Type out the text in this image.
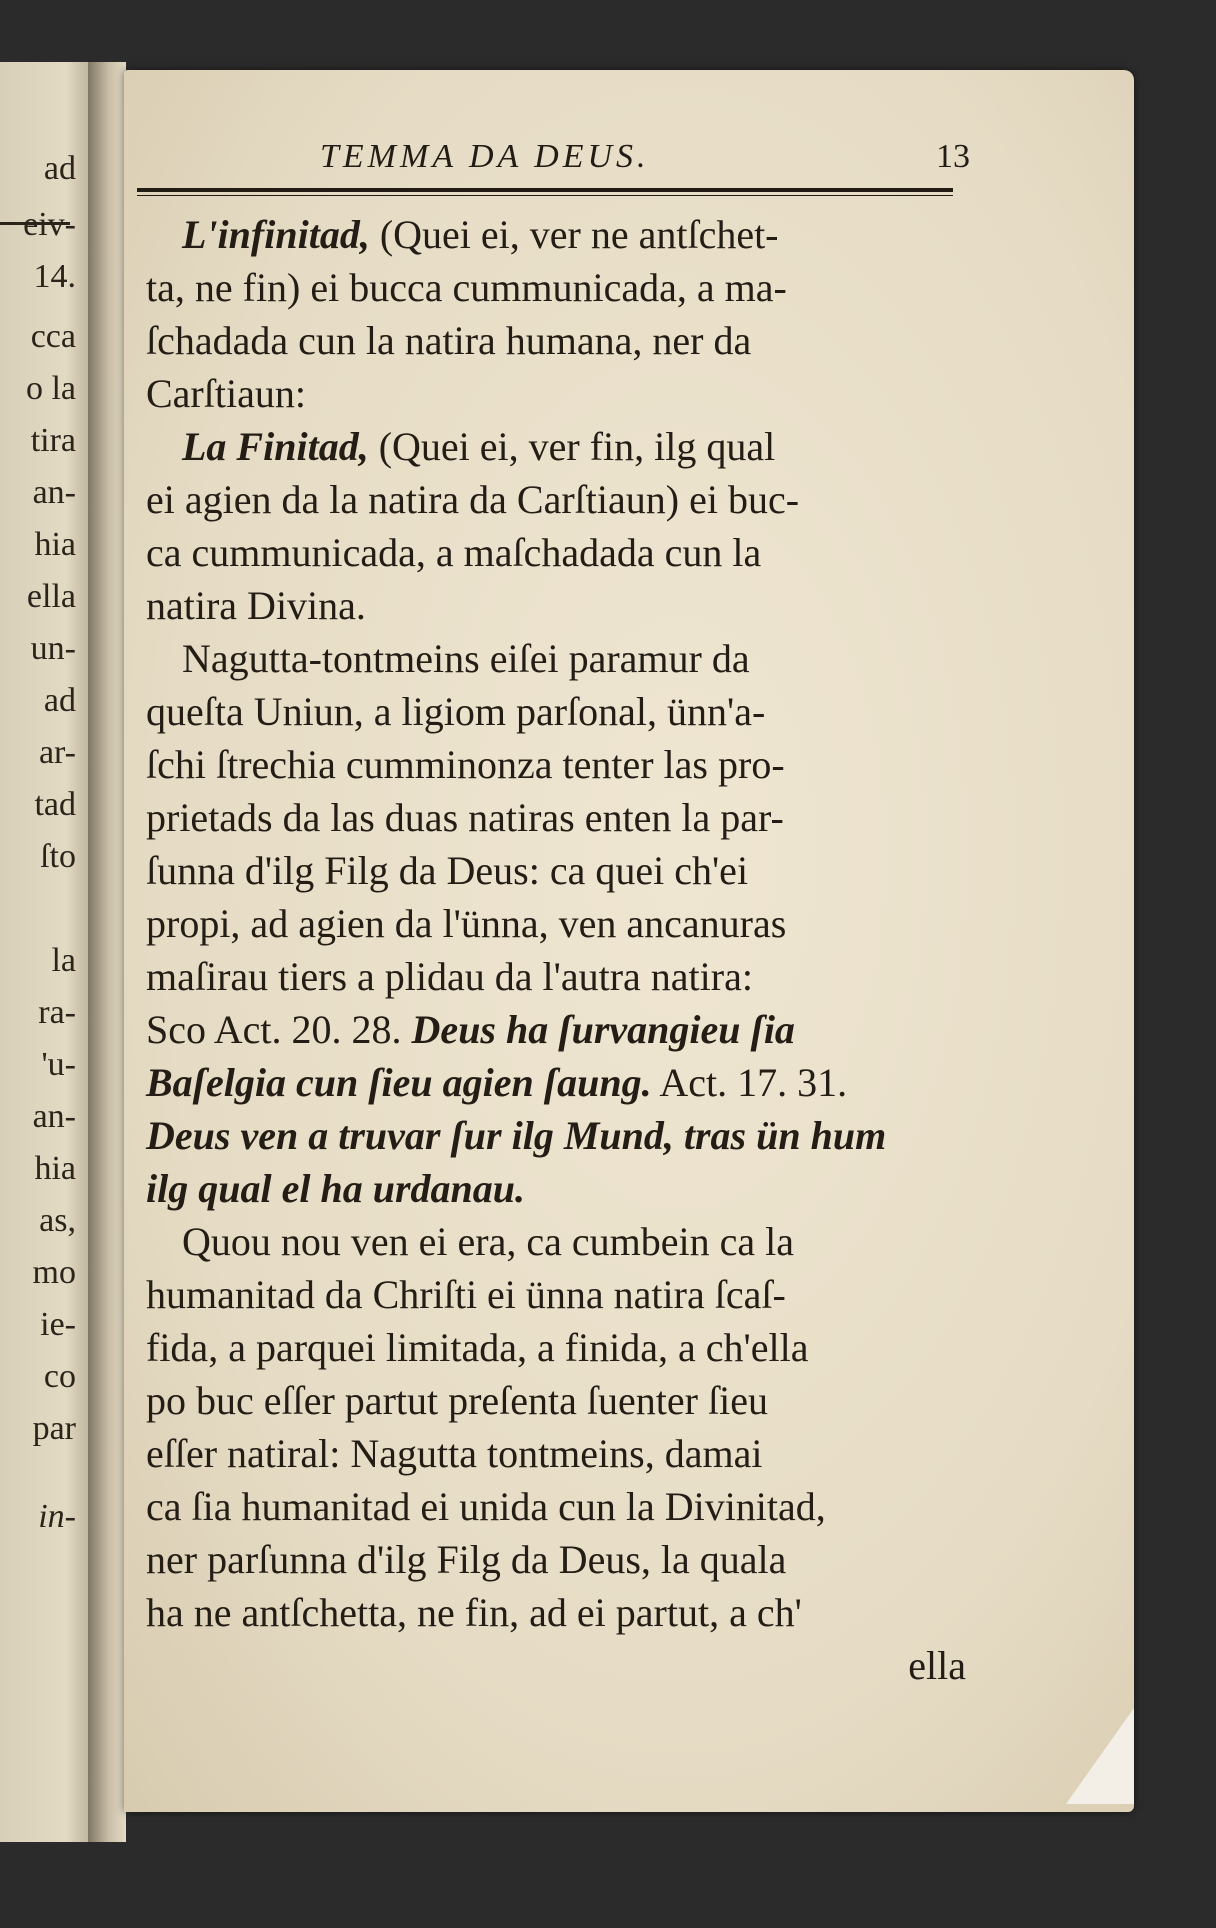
ad

eiv-

14.

cca

o la

tira

an-

hia

ella

un-

ad

ar-

tad

ſto

la

ra-

'u-

an-

hia

as,

mo

ie-

co

par

in-

TEMMA DA DEUS.	13
L'infinitad, (Quei ei, ver ne antſchet-
ta, ne fin) ei bucca cummunicada, a ma-
ſchadada cun la natira humana, ner da
Carſtiaun:
La Finitad, (Quei ei, ver fin, ilg qual
ei agien da la natira da Carſtiaun) ei buc-
ca cummunicada, a maſchadada cun la
natira Divina.
Nagutta-tontmeins eiſei paramur da
queſta Uniun, a ligiom parſonal, ünn'a-
ſchi ſtrechia cumminonza tenter las pro-
prietads da las duas natiras enten la par-
ſunna d'ilg Filg da Deus: ca quei ch'ei
propi, ad agien da l'ünna, ven ancanuras
maſirau tiers a plidau da l'autra natira:
Sco Act. 20. 28. Deus ha ſurvangieu ſia
Baſelgia cun ſieu agien ſaung. Act. 17. 31.
Deus ven a truvar ſur ilg Mund, tras ün hum
ilg qual el ha urdanau.
Quou nou ven ei era, ca cumbein ca la
humanitad da Chriſti ei ünna natira ſcaſ-
fida, a parquei limitada, a finida, a ch'ella
po buc eſſer partut preſenta ſuenter ſieu
eſſer natiral: Nagutta tontmeins, damai
ca ſia humanitad ei unida cun la Divinitad,
ner parſunna d'ilg Filg da Deus, la quala
ha ne antſchetta, ne fin, ad ei partut, a ch'
ella
